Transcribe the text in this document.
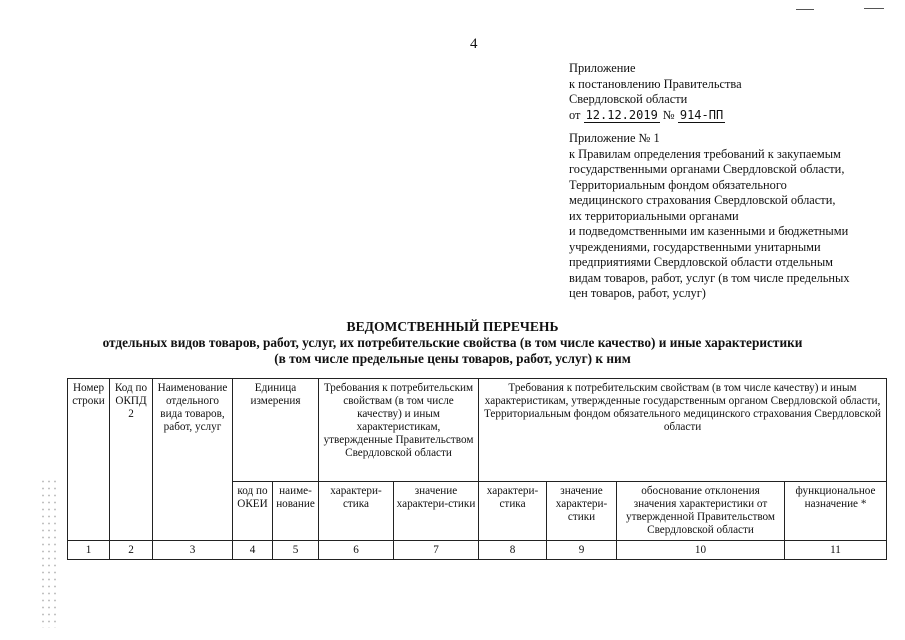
4
Приложение
к постановлению Правительства
Свердловской области
от 12.12.2019 № 914-ПП
Приложение № 1
к Правилам определения требований к закупаемым
государственными органами Свердловской области,
Территориальным фондом обязательного
медицинского страхования Свердловской области,
их территориальными органами
и подведомственными им казенными и бюджетными
учреждениями, государственными унитарными
предприятиями Свердловской области отдельным
видам товаров, работ, услуг (в том числе предельных
цен товаров, работ, услуг)
ВЕДОМСТВЕННЫЙ ПЕРЕЧЕНЬ
отдельных видов товаров, работ, услуг, их потребительские свойства (в том числе качество) и иные характеристики
(в том числе предельные цены товаров, работ, услуг) к ним
Номер строки	Код по ОКПД 2	Наименование отдельного вида товаров, работ, услуг	Единица измерения		Требования к потребительским свойствам (в том числе качеству) и иным характеристикам, утвержденные Правительством Свердловской области		Требования к потребительским свойствам (в том числе качеству) и иным характеристикам, утвержденные государственным органом Свердловской области, Территориальным фондом обязательного медицинского страхования Свердловской области			
			код по ОКЕИ	наиме-нование	характери-стика	значение характери-стики	характери-стика	значение характери-стики	обоснование отклонения значения характеристики от утвержденной Правительством Свердловской области	функциональное назначение *
1	2	3	4	5	6	7	8	9	10	11
